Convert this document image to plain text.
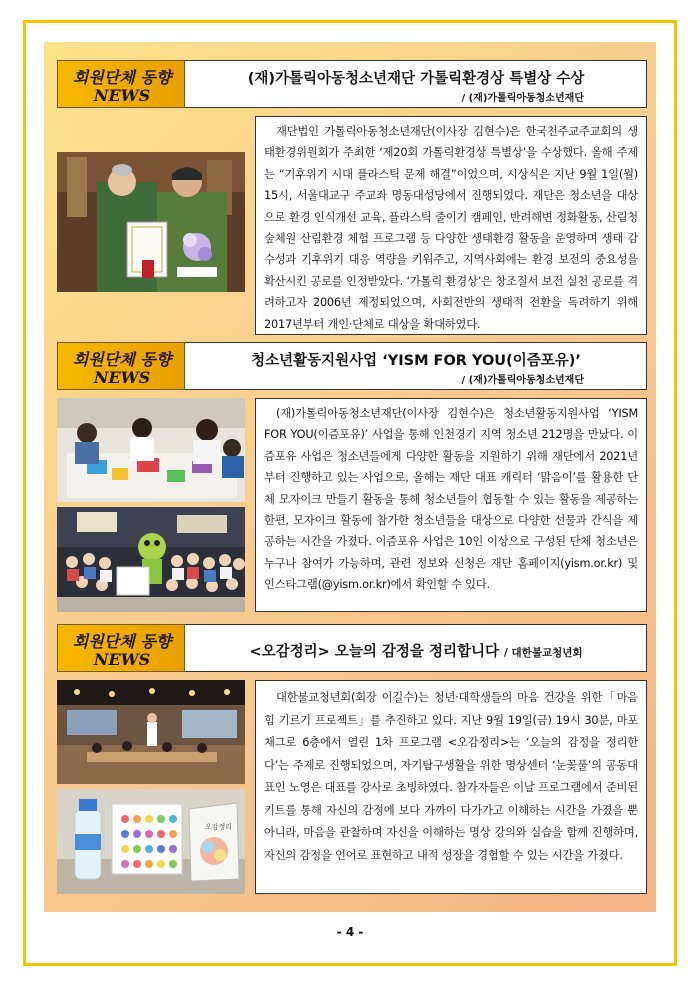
회원단체 동향
NEWS
(재)가톨릭아동청소년재단 가톨릭환경상 특별상 수상
/ (재)가톨릭아동청소년재단

재단법인 가톨릭아동청소년재단(이사장 김현수)은 한국천주교주교회의 생태환경위원회가 주최한 ‘제20회 가톨릭환경상 특별상’을 수상했다. 올해 주제는 “기후위기 시대 플라스틱 문제 해결”이었으며, 시상식은 지난 9월 1일(월) 15시, 서울대교구 주교좌 명동대성당에서 진행되었다. 재단은 청소년을 대상으로 환경 인식개선 교육, 플라스틱 줄이기 캠페인, 반려해변 정화활동, 산림청 숲체원 산림환경 체험 프로그램 등 다양한 생태환경 활동을 운영하며 생태 감수성과 기후위기 대응 역량을 키워주고, 지역사회에는 환경 보전의 중요성을 확산시킨 공로를 인정받았다. ‘가톨릭 환경상’은 창조질서 보전 실천 공로를 격려하고자 2006년 제정되었으며, 사회전반의 생태적 전환을 독려하기 위해 2017년부터 개인·단체로 대상을 확대하였다.

회원단체 동향
NEWS
청소년활동지원사업 ‘YISM FOR YOU(이즘포유)’
/ (재)가톨릭아동청소년재단

(재)가톨릭아동청소년재단(이사장 김현수)은 청소년활동지원사업 ‘YISM FOR YOU(이즘포유)’ 사업을 통해 인천경기 지역 청소년 212명을 만났다. 이즘포유 사업은 청소년들에게 다양한 활동을 지원하기 위해 재단에서 2021년부터 진행하고 있는 사업으로, 올해는 재단 대표 캐릭터 ‘맑음이’를 활용한 단체 모자이크 만들기 활동을 통해 청소년들이 협동할 수 있는 활동을 제공하는 한편, 모자이크 활동에 참가한 청소년들을 대상으로 다양한 선물과 간식을 제공하는 시간을 가졌다. 이즘포유 사업은 10인 이상으로 구성된 단체 청소년은 누구나 참여가 가능하며, 관련 정보와 신청은 재단 홈페이지(yism.or.kr) 및 인스타그램(@yism.or.kr)에서 확인할 수 있다.

회원단체 동향
NEWS	<오감정리> 오늘의 감정을 정리합니다 / 대한불교청년회
오감정리

대한불교청년회(회장 이길수)는 청년·대학생들의 마음 건강을 위한「마음 힘 기르기 프로젝트」를 추진하고 있다. 지난 9월 19일(금) 19시 30분, 마포 채그로 6층에서 열린 1차 프로그램 <오감정리>는 ‘오늘의 감정을 정리한다’는 주제로 진행되었으며, 자기탐구생활을 위한 명상센터 ‘눈꽃풀’의 공동대표인 노영은 대표를 강사로 초빙하였다. 참가자들은 이날 프로그램에서 준비된 키트를 통해 자신의 감정에 보다 가까이 다가가고 이해하는 시간을 가졌을 뿐 아니라, 마음을 관찰하며 자신을 이해하는 명상 강의와 실습을 함께 진행하며, 자신의 감정을 언어로 표현하고 내적 성장을 경험할 수 있는 시간을 가졌다.

- 4 -
